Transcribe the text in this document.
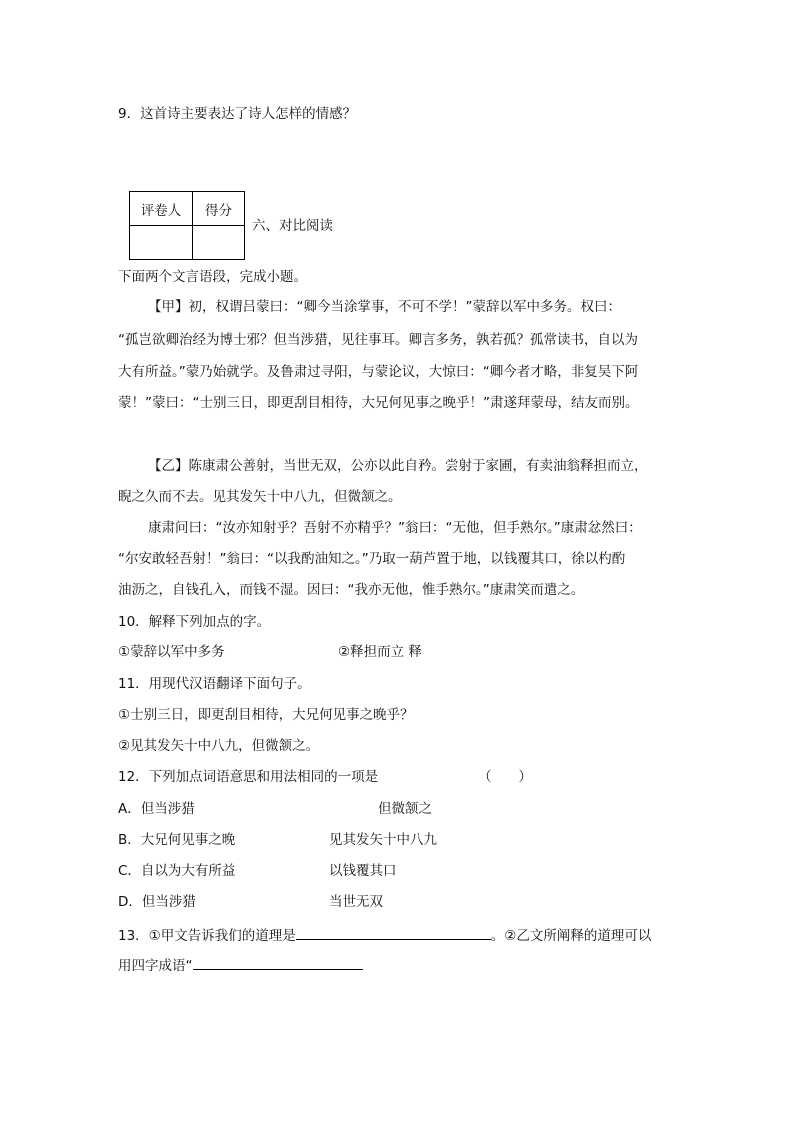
9．这首诗主要表达了诗人怎样的情感？
评卷人	得分

六、对比阅读
下面两个文言语段，完成小题。
【甲】初，权谓吕蒙曰：“卿今当涂掌事，不可不学！”蒙辞以军中多务。权曰：
“孤岂欲卿治经为博士邪？但当涉猎，见往事耳。卿言多务，孰若孤？孤常读书，自以为
大有所益。”蒙乃始就学。及鲁肃过寻阳，与蒙论议，大惊曰：“卿今者才略，非复吴下阿
蒙！”蒙曰：“士别三日，即更刮目相待，大兄何见事之晚乎！”肃遂拜蒙母，结友而别。
【乙】陈康肃公善射，当世无双，公亦以此自矜。尝射于家圃，有卖油翁释担而立，
睨之久而不去。见其发矢十中八九，但微颔之。
康肃问曰：“汝亦知射乎？吾射不亦精乎？”翁曰：“无他，但手熟尔。”康肃忿然曰：
“尔安敢轻吾射！”翁曰：“以我酌油知之。”乃取一葫芦置于地，以钱覆其口，徐以杓酌
油沥之，自钱孔入，而钱不湿。因曰：“我亦无他，惟手熟尔。”康肃笑而遣之。
10．解释下列加点的字。
①蒙辞以军中多务	②释担而立 释
11．用现代汉语翻译下面句子。
①士别三日，即更刮目相待，大兄何见事之晚乎？
②见其发矢十中八九，但微颔之。
12．下列加点词语意思和用法相同的一项是	（　　）
A．但当涉猎	但微颔之
B．大兄何见事之晚	见其发矢十中八九
C．自以为大有所益	以钱覆其口
D．但当涉猎	当世无双
13．①甲文告诉我们的道理是	。②乙文所阐释的道理可以
用四字成语“
